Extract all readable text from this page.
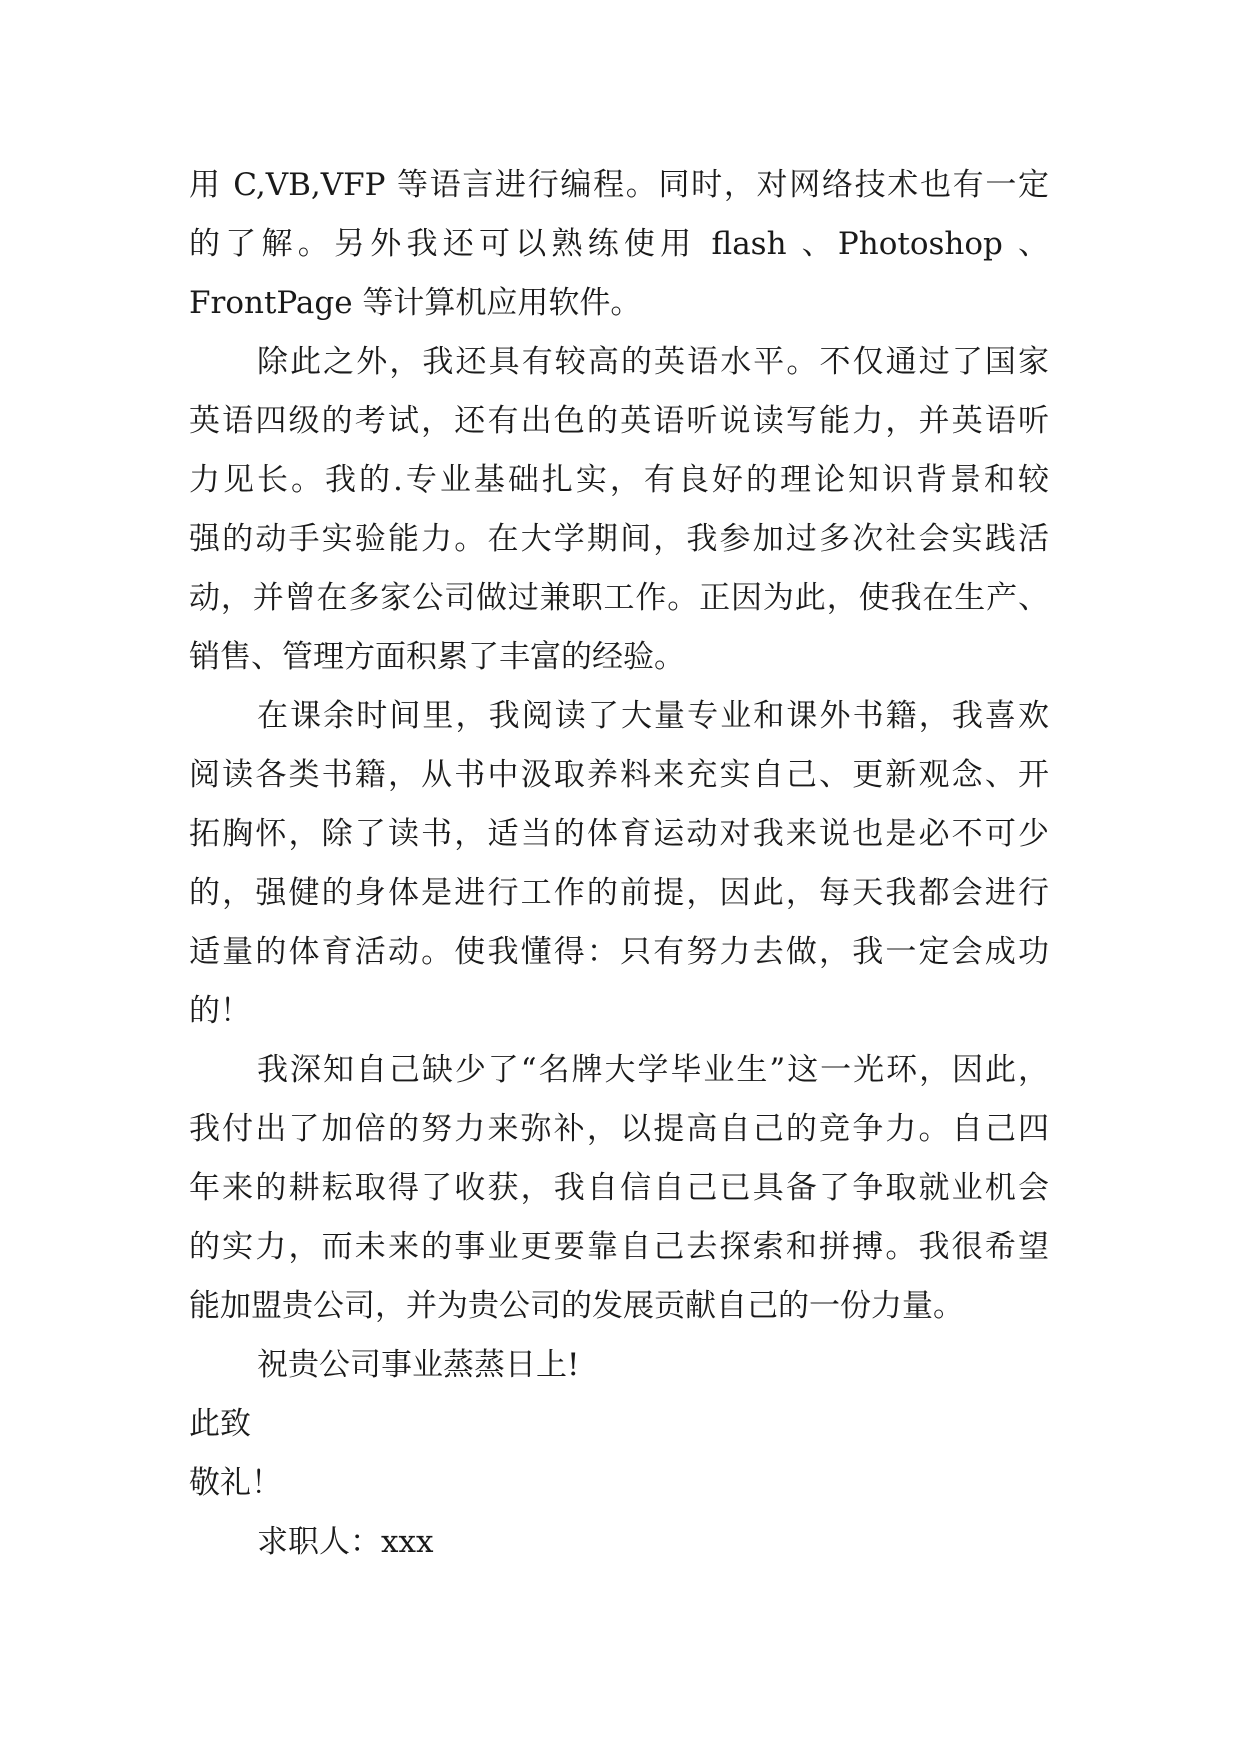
用 C,VB,VFP 等语言进行编程。同时，对网络技术也有一定
的了解。另外我还可以熟练使用 flash 、Photoshop 、
FrontPage 等计算机应用软件。
除此之外，我还具有较高的英语水平。不仅通过了国家
英语四级的考试，还有出色的英语听说读写能力，并英语听
力见长。我的.专业基础扎实，有良好的理论知识背景和较
强的动手实验能力。在大学期间，我参加过多次社会实践活
动，并曾在多家公司做过兼职工作。正因为此，使我在生产、
销售、管理方面积累了丰富的经验。
在课余时间里，我阅读了大量专业和课外书籍，我喜欢
阅读各类书籍，从书中汲取养料来充实自己、更新观念、开
拓胸怀，除了读书，适当的体育运动对我来说也是必不可少
的，强健的身体是进行工作的前提，因此，每天我都会进行
适量的体育活动。使我懂得：只有努力去做，我一定会成功
的！
我深知自己缺少了“名牌大学毕业生”这一光环，因此，
我付出了加倍的努力来弥补，以提高自己的竞争力。自己四
年来的耕耘取得了收获，我自信自己已具备了争取就业机会
的实力，而未来的事业更要靠自己去探索和拼搏。我很希望
能加盟贵公司，并为贵公司的发展贡献自己的一份力量。
祝贵公司事业蒸蒸日上!
此致
敬礼！
求职人：xxx
